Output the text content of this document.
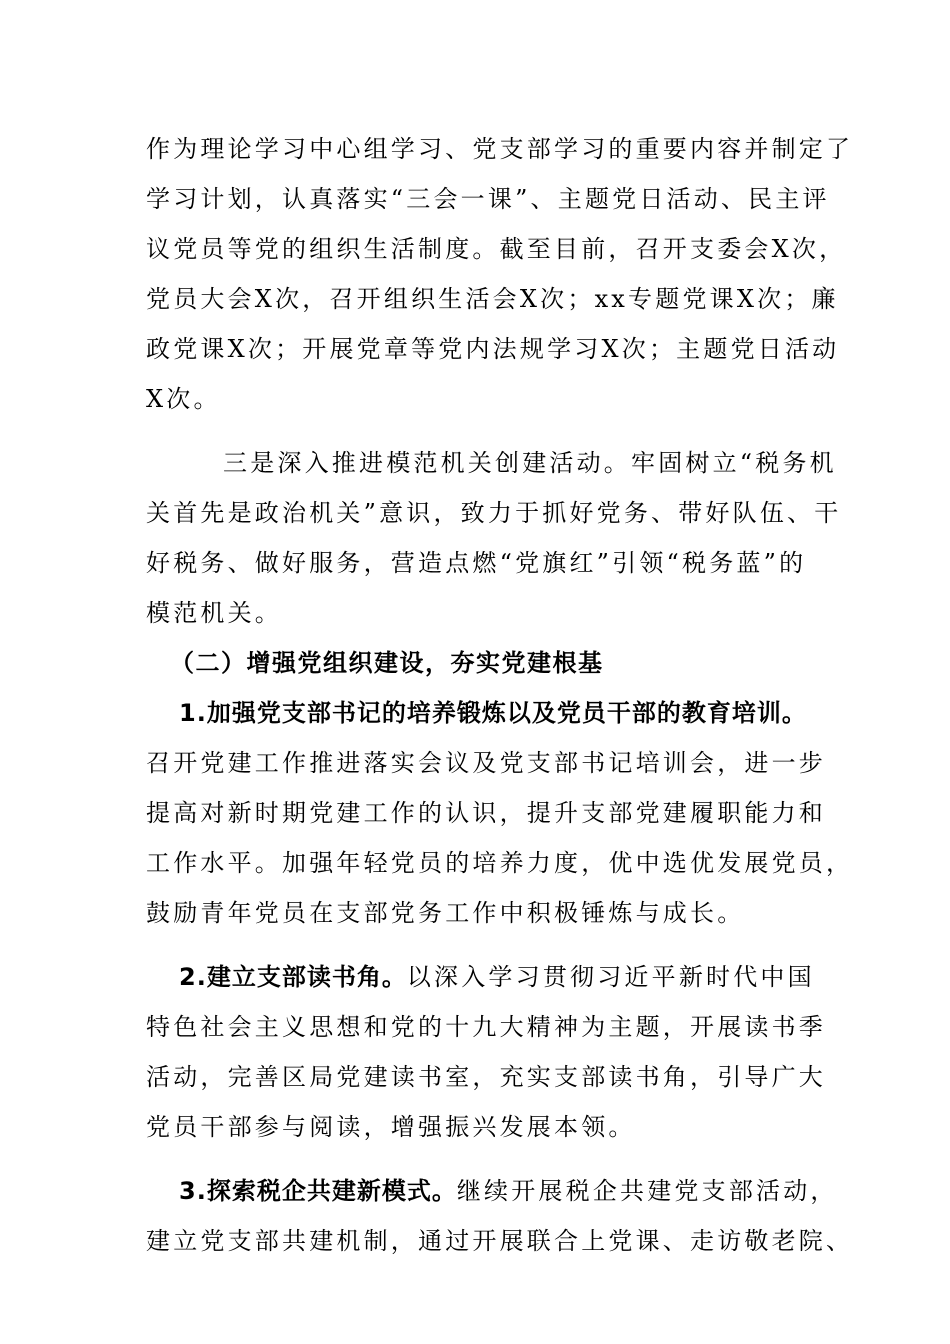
作为理论学习中心组学习、党支部学习的重要内容并制定了
学习计划，认真落实“三会一课”、主题党日活动、民主评
议党员等党的组织生活制度。截至目前，召开支委会X次，
党员大会X次，召开组织生活会X次；xx专题党课X次；廉
政党课X次；开展党章等党内法规学习X次；主题党日活动
X次。
三是深入推进模范机关创建活动。牢固树立“税务机
关首先是政治机关”意识，致力于抓好党务、带好队伍、干
好税务、做好服务，营造点燃“党旗红”引领“税务蓝”的
模范机关。
（二）增强党组织建设，夯实党建根基
1.加强党支部书记的培养锻炼以及党员干部的教育培训。
召开党建工作推进落实会议及党支部书记培训会，进一步
提高对新时期党建工作的认识，提升支部党建履职能力和
工作水平。加强年轻党员的培养力度，优中选优发展党员，
鼓励青年党员在支部党务工作中积极锤炼与成长。
2.建立支部读书角。以深入学习贯彻习近平新时代中国
特色社会主义思想和党的十九大精神为主题，开展读书季
活动，完善区局党建读书室，充实支部读书角，引导广大
党员干部参与阅读，增强振兴发展本领。
3.探索税企共建新模式。继续开展税企共建党支部活动，
建立党支部共建机制，通过开展联合上党课、走访敬老院、
